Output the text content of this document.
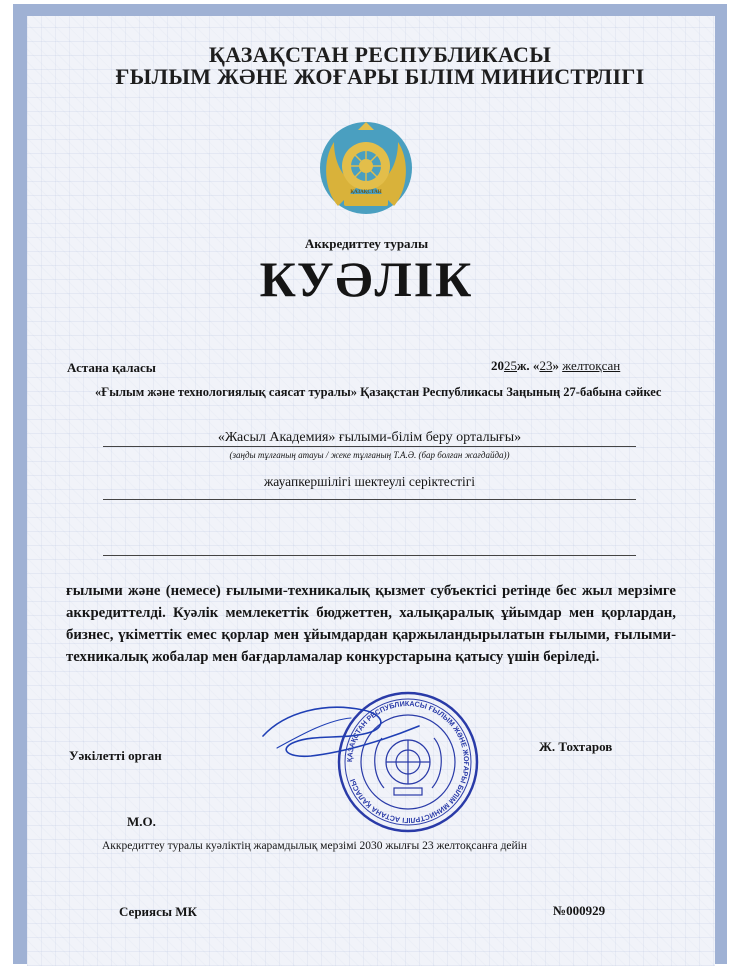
ҚАЗАҚСТАН РЕСПУБЛИКАСЫ
ҒЫЛЫМ ЖӘНЕ ЖОҒАРЫ БІЛІМ МИНИСТРЛІГІ
ҚАЗАҚСТАН
Аккредиттеу туралы
КУӘЛІК
Астана қаласы	2025ж. «23» желтоқсан
«Ғылым және технологиялық саясат туралы» Қазақстан Республикасы Заңының 27-бабына сәйкес
«Жасыл Академия» ғылыми-білім беру орталығы»
(заңды тұлғаның атауы / жеке тұлғаның Т.А.Ә. (бар болған жағдайда))
жауапкершілігі шектеулі серіктестігі
ғылыми және (немесе) ғылыми-техникалық қызмет субъектісі ретінде бес жыл мерзімге аккредиттелді. Куәлік мемлекеттік бюджеттен, халықаралық ұйымдар мен қорлардан, бизнес, үкіметтік емес қорлар мен ұйымдардан қаржыландырылатын ғылыми, ғылыми-техникалық жобалар мен бағдарламалар конкурстарына қатысу үшін беріледі.
Уәкілетті орган
Ж. Тохтаров
ҚАЗАҚСТАН РЕСПУБЛИКАСЫ ҒЫЛЫМ ЖӘНЕ ЖОҒАРЫ БІЛІМ МИНИСТРЛІГІ АСТАНА ҚАЛАСЫ
М.О.
Аккредиттеу туралы куәліктің жарамдылық мерзімі 2030 жылғы 23 желтоқсанға дейін
Сериясы МК	№000929
